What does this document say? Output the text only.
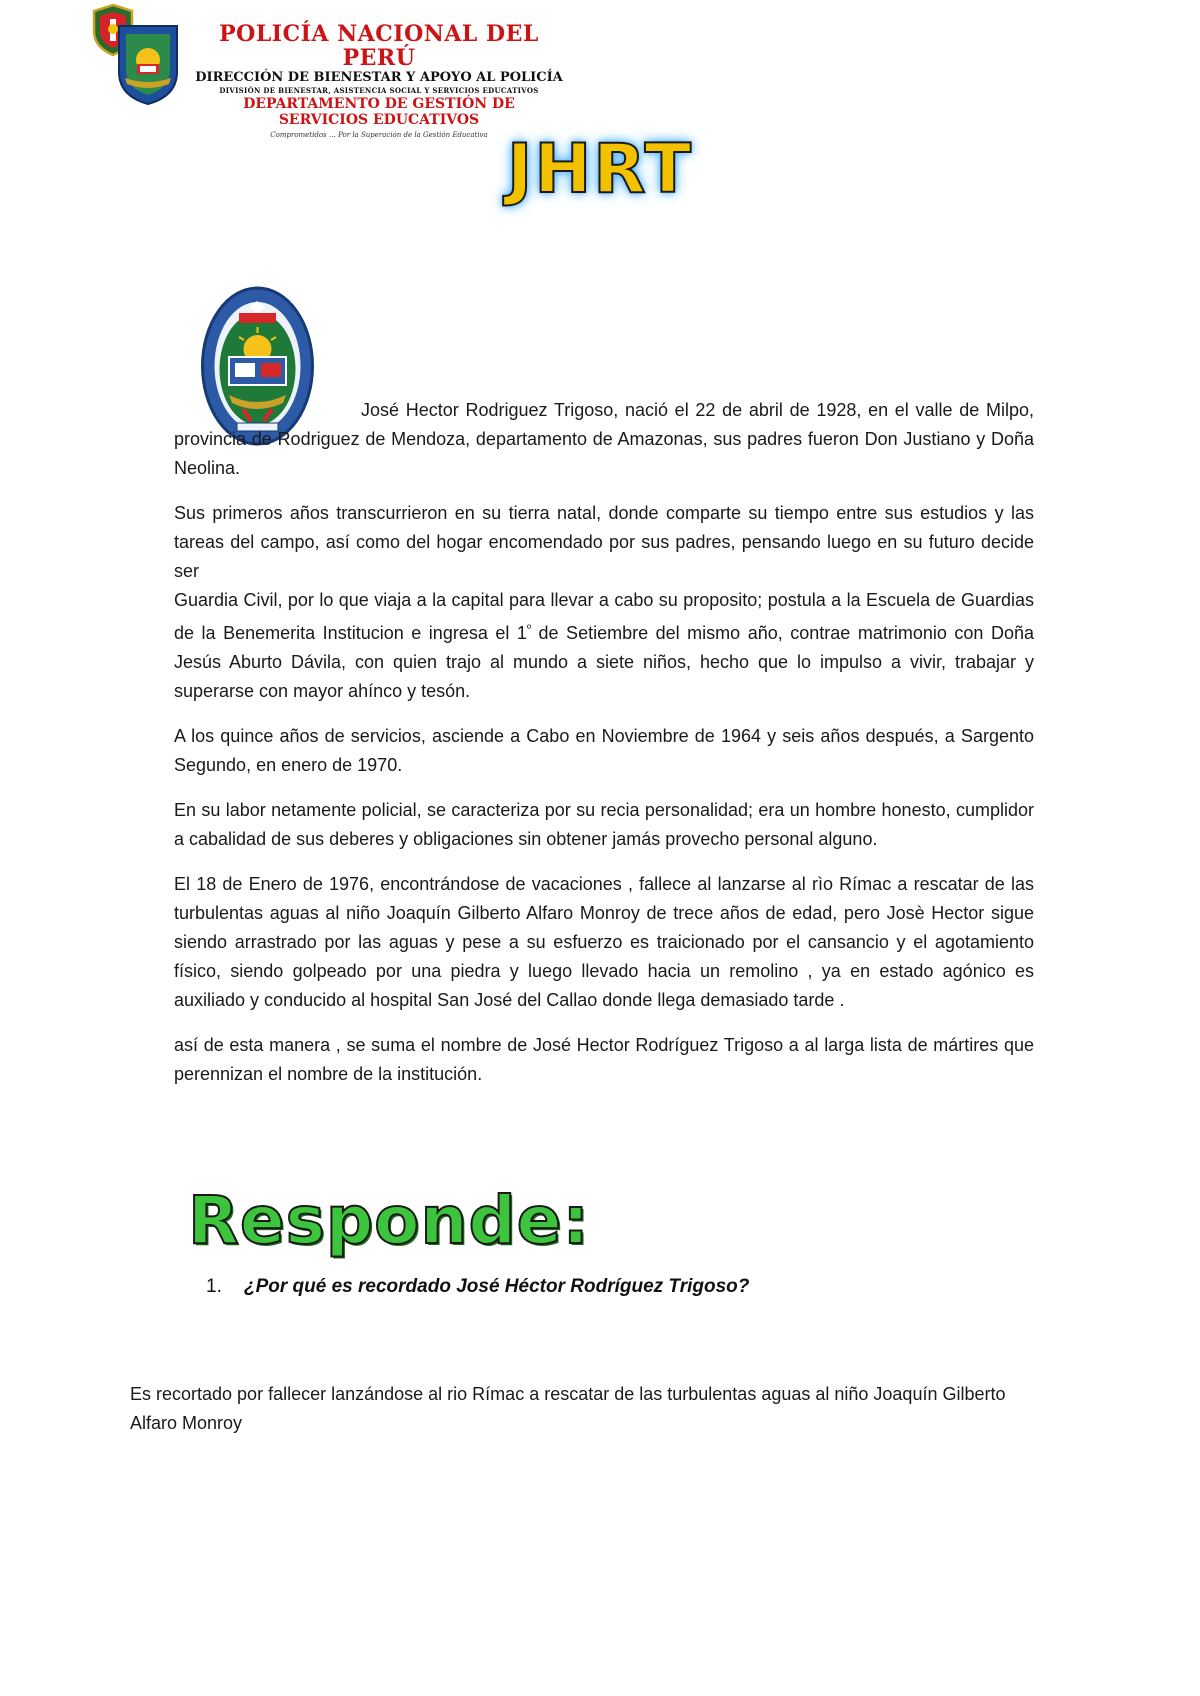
POLICÍA NACIONAL DEL PERÚ
DIRECCIÓN DE BIENESTAR Y APOYO AL POLICÍA
DIVISIÓN DE BIENESTAR, ASISTENCIA SOCIAL Y SERVICIOS EDUCATIVOS
DEPARTAMENTO DE GESTIÓN DE
SERVICIOS EDUCATIVOS
Comprometidos … Por la Superación de la Gestión Educativa JHRT

José Hector Rodriguez Trigoso, nació el 22 de abril de 1928, en el valle de Milpo, provincia de Rodriguez de Mendoza, departamento de Amazonas, sus padres fueron Don Justiano y Doña Neolina.

Sus primeros años transcurrieron en su tierra natal, donde comparte su tiempo entre sus estudios y las tareas del campo, así como del hogar encomendado por sus padres, pensando luego en su futuro decide ser

Guardia Civil, por lo que viaja a la capital para llevar a cabo su proposito; postula a la Escuela de Guardias de la Benemerita Institucion e ingresa el $1^º$ de Setiembre del mismo año, contrae matrimonio con Doña Jesús Aburto Dávila, con quien trajo al mundo a siete niños, hecho que lo impulso a vivir, trabajar y superarse con mayor ahínco y tesón.

A los quince años de servicios, asciende a Cabo en Noviembre de 1964 y seis años después, a Sargento Segundo, en enero de 1970.

En su labor netamente policial, se caracteriza por su recia personalidad; era un hombre honesto, cumplidor a cabalidad de sus deberes y obligaciones sin obtener jamás provecho personal alguno.

El 18 de Enero de 1976, encontrándose de vacaciones , fallece al lanzarse al rìo Rímac a rescatar de las turbulentas aguas al niño Joaquín Gilberto Alfaro Monroy de trece años de edad, pero Josè Hector sigue siendo arrastrado por las aguas y pese a su esfuerzo es traicionado por el cansancio y el agotamiento físico, siendo golpeado por una piedra y luego llevado hacia un remolino , ya en estado agónico es auxiliado y conducido al hospital San José del Callao donde llega demasiado tarde .

así de esta manera , se suma el nombre de José Hector Rodríguez Trigoso a al larga lista de mártires que perennizan el nombre de la institución.

Responde:
1. ¿Por qué es recordado José Héctor Rodríguez Trigoso?
Es recortado por fallecer lanzándose al rio Rímac a rescatar de las turbulentas aguas al niño Joaquín Gilberto Alfaro Monroy
